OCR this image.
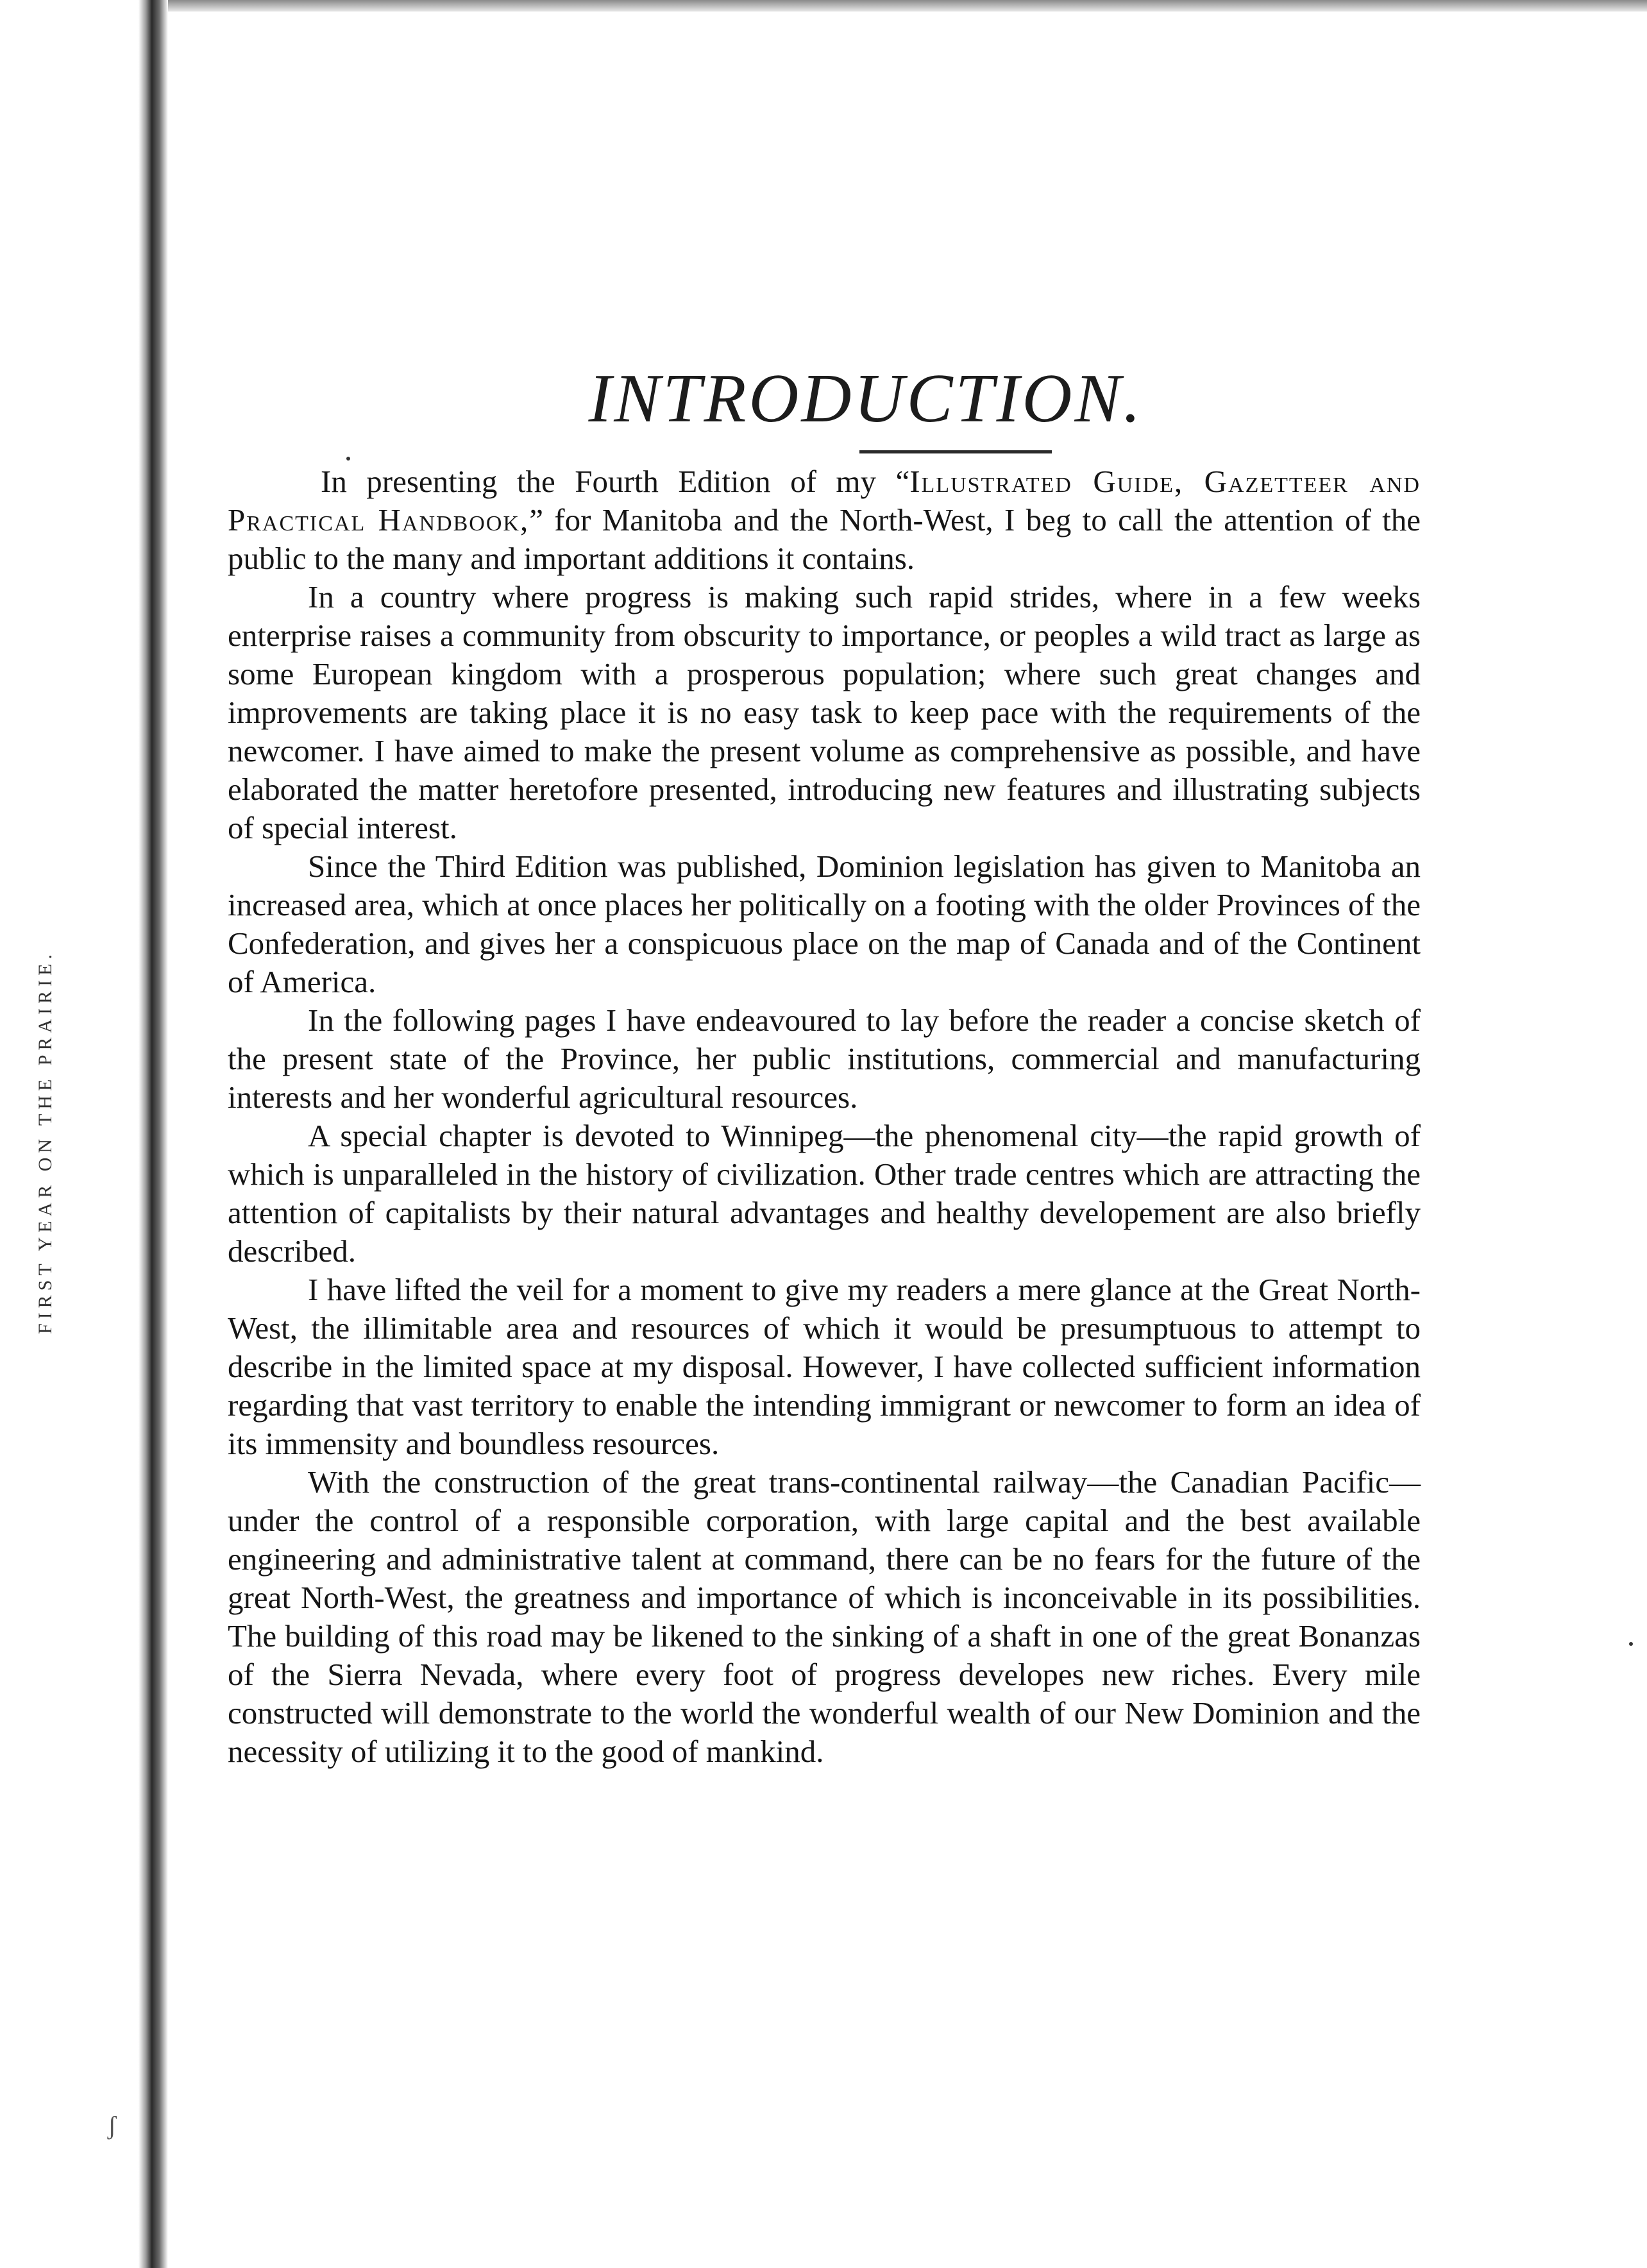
FIRST YEAR ON THE PRAIRIE.
ʃ
INTRODUCTION.

In presenting the Fourth Edition of my “Illustrated Guide, Gazetteer and Practical Handbook,” for Manitoba and the North-West, I beg to call the attention of the public to the many and important additions it contains.

In a country where progress is making such rapid strides, where in a few weeks enterprise raises a community from obscurity to importance, or peoples a wild tract as large as some European kingdom with a prosperous population; where such great changes and improvements are taking place it is no easy task to keep pace with the requirements of the newcomer. I have aimed to make the present volume as comprehensive as possible, and have elaborated the matter heretofore presented, introducing new features and illustrating subjects of special interest.

Since the Third Edition was published, Dominion legislation has given to Manitoba an increased area, which at once places her politically on a footing with the older Provinces of the Confederation, and gives her a conspicuous place on the map of Canada and of the Continent of America.

In the following pages I have endeavoured to lay before the reader a concise sketch of the present state of the Province, her public institutions, commercial and manufacturing interests and her wonderful agricultural resources.

A special chapter is devoted to Winnipeg—the phenomenal city—the rapid growth of which is unparalleled in the history of civilization. Other trade centres which are attracting the attention of capitalists by their natural advantages and healthy developement are also briefly described.

I have lifted the veil for a moment to give my readers a mere glance at the Great North-West, the illimitable area and resources of which it would be presumptuous to attempt to describe in the limited space at my disposal. However, I have collected sufficient information regarding that vast territory to enable the intending immigrant or newcomer to form an idea of its immensity and boundless resources.

With the construction of the great trans-continental railway—the Canadian Pacific—under the control of a responsible corporation, with large capital and the best available engineering and administrative talent at command, there can be no fears for the future of the great North-West, the greatness and importance of which is inconceivable in its possibilities. The building of this road may be likened to the sinking of a shaft in one of the great Bonanzas of the Sierra Nevada, where every foot of progress developes new riches. Every mile constructed will demonstrate to the world the wonderful wealth of our New Dominion and the necessity of utilizing it to the good of mankind.
